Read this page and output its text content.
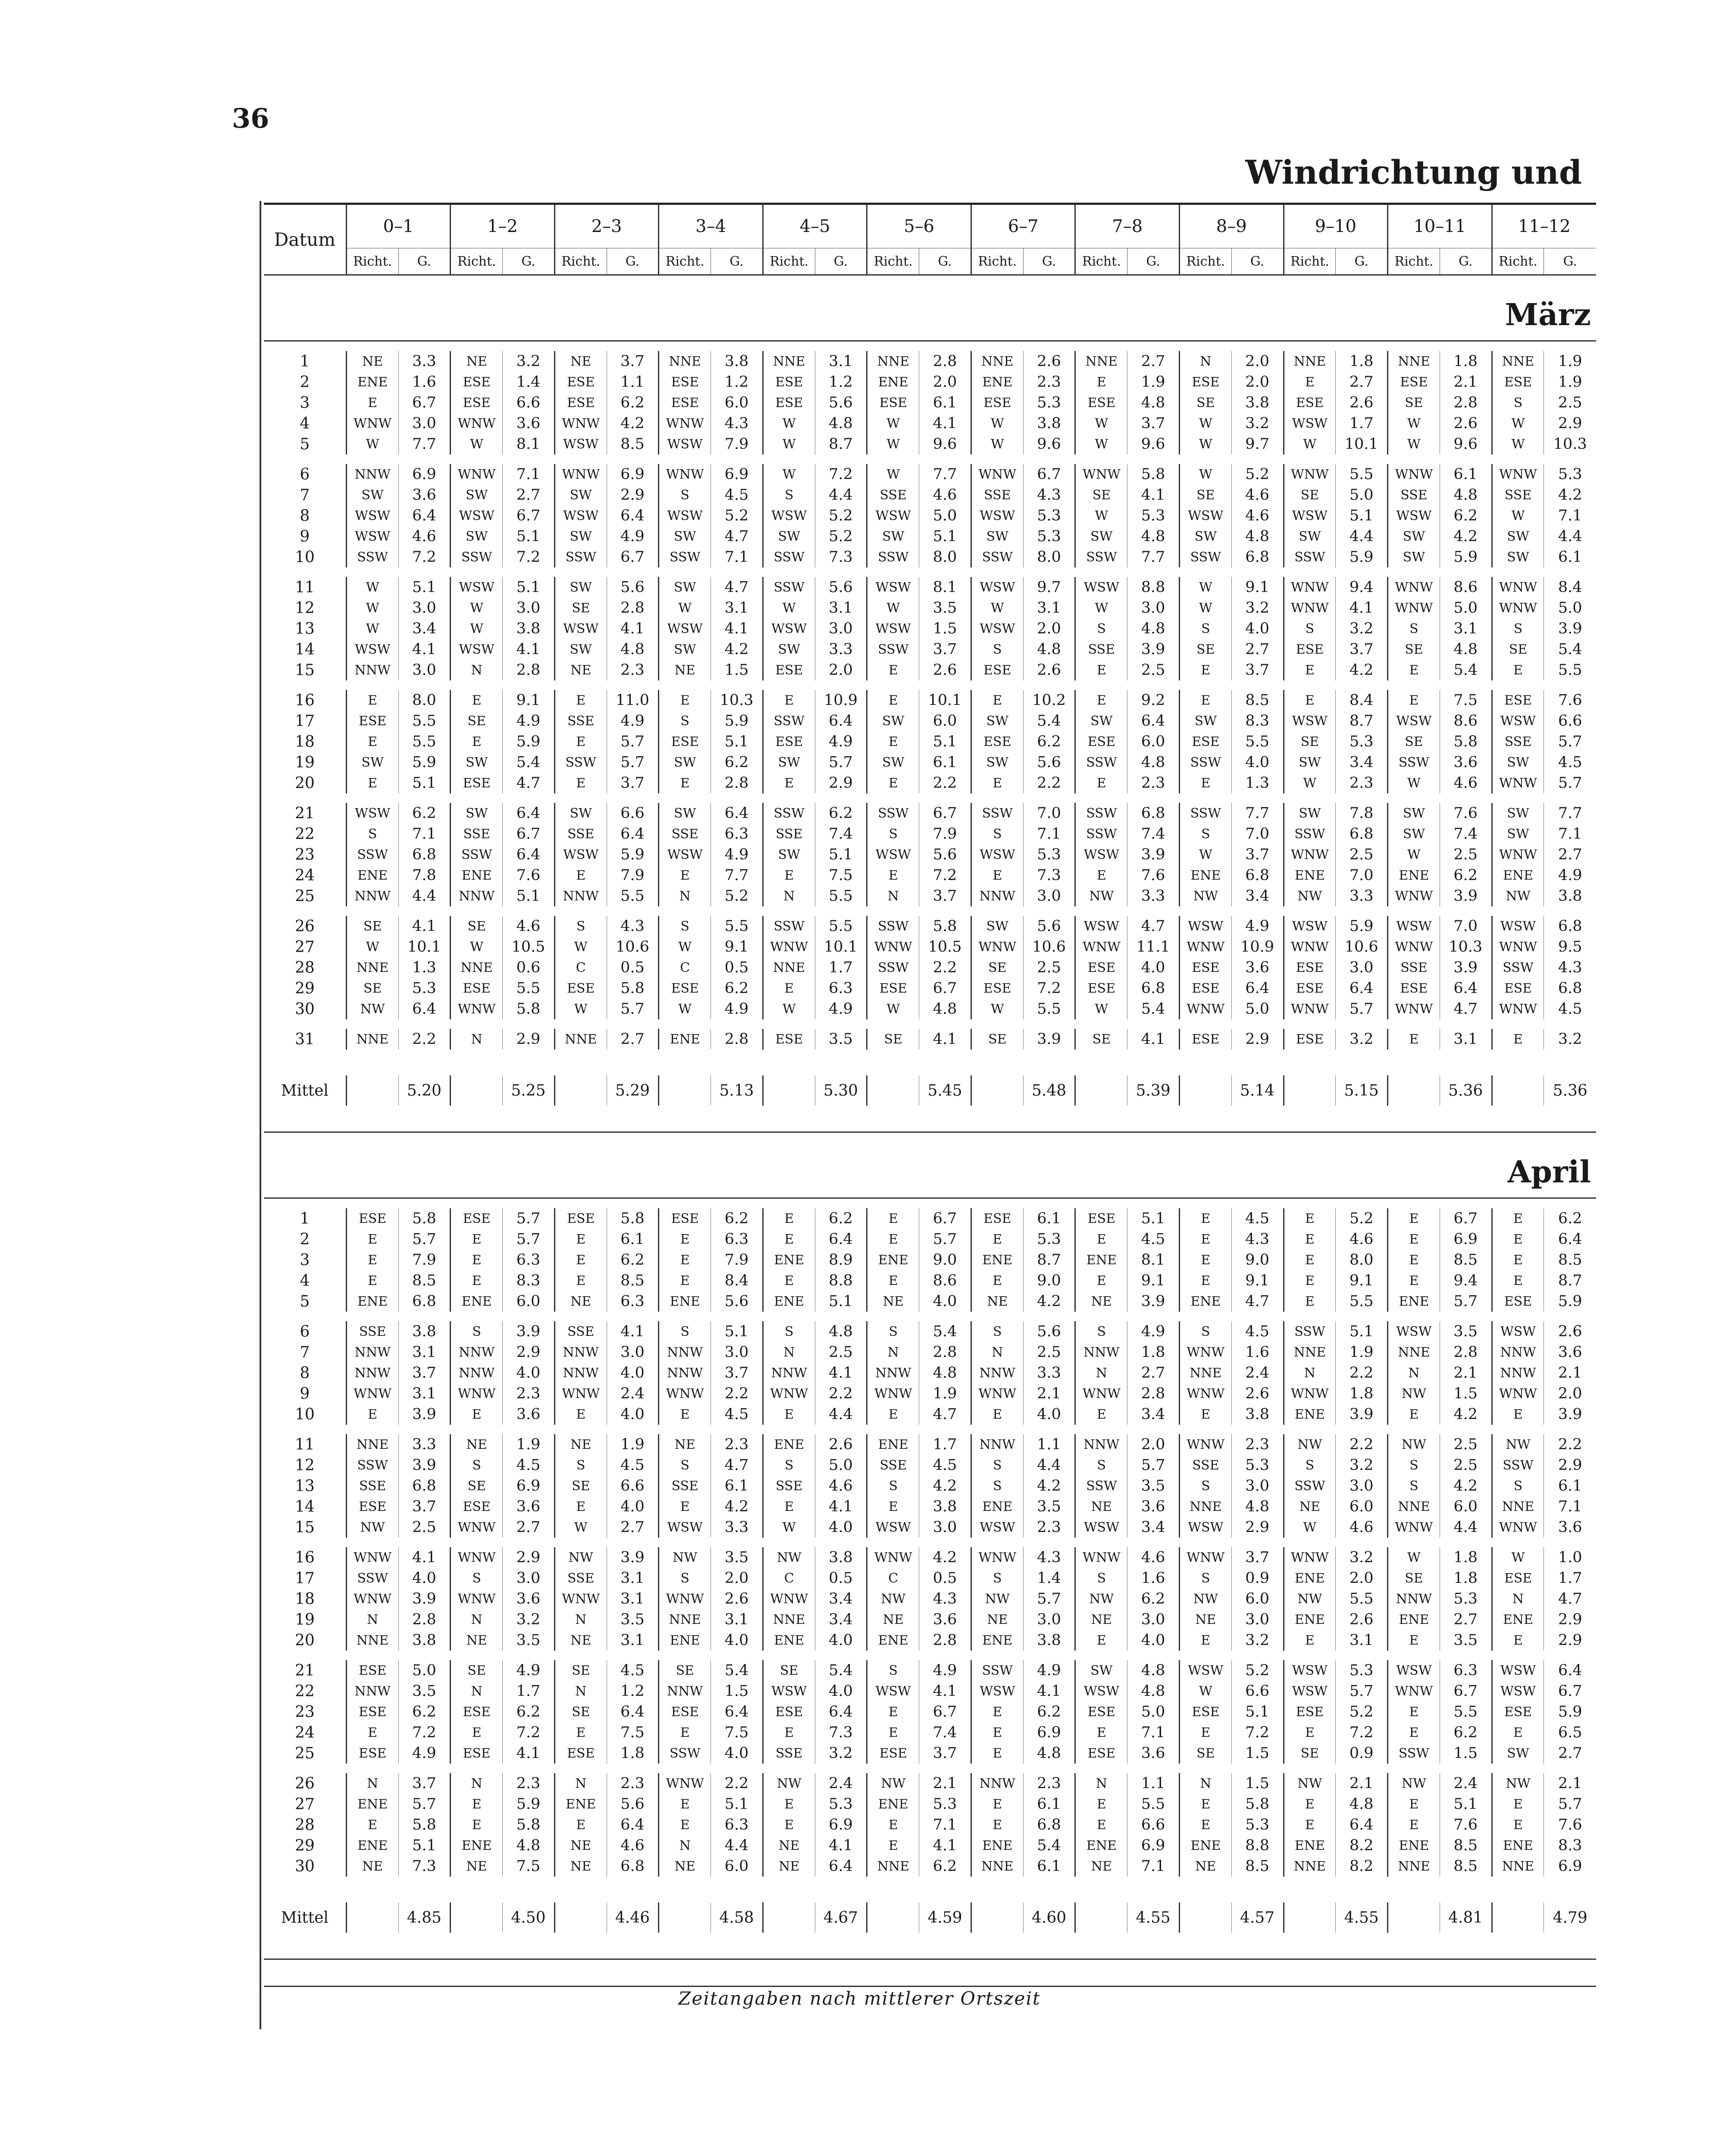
36
Windrichtung und
Datum	0–1		1–2		2–3		3–4		4–5		5–6		6–7		7–8		8–9		9–10		10–11		11–12	
	Richt.	G.	Richt.	G.	Richt.	G.	Richt.	G.	Richt.	G.	Richt.	G.	Richt.	G.	Richt.	G.	Richt.	G.	Richt.	G.	Richt.	G.	Richt.	G.

März																								

1	NE	3.3	NE	3.2	NE	3.7	NNE	3.8	NNE	3.1	NNE	2.8	NNE	2.6	NNE	2.7	N	2.0	NNE	1.8	NNE	1.8	NNE	1.9
2	ENE	1.6	ESE	1.4	ESE	1.1	ESE	1.2	ESE	1.2	ENE	2.0	ENE	2.3	E	1.9	ESE	2.0	E	2.7	ESE	2.1	ESE	1.9
3	E	6.7	ESE	6.6	ESE	6.2	ESE	6.0	ESE	5.6	ESE	6.1	ESE	5.3	ESE	4.8	SE	3.8	ESE	2.6	SE	2.8	S	2.5
4	WNW	3.0	WNW	3.6	WNW	4.2	WNW	4.3	W	4.8	W	4.1	W	3.8	W	3.7	W	3.2	WSW	1.7	W	2.6	W	2.9
5	W	7.7	W	8.1	WSW	8.5	WSW	7.9	W	8.7	W	9.6	W	9.6	W	9.6	W	9.7	W	10.1	W	9.6	W	10.3

6	NNW	6.9	WNW	7.1	WNW	6.9	WNW	6.9	W	7.2	W	7.7	WNW	6.7	WNW	5.8	W	5.2	WNW	5.5	WNW	6.1	WNW	5.3
7	SW	3.6	SW	2.7	SW	2.9	S	4.5	S	4.4	SSE	4.6	SSE	4.3	SE	4.1	SE	4.6	SE	5.0	SSE	4.8	SSE	4.2
8	WSW	6.4	WSW	6.7	WSW	6.4	WSW	5.2	WSW	5.2	WSW	5.0	WSW	5.3	W	5.3	WSW	4.6	WSW	5.1	WSW	6.2	W	7.1
9	WSW	4.6	SW	5.1	SW	4.9	SW	4.7	SW	5.2	SW	5.1	SW	5.3	SW	4.8	SW	4.8	SW	4.4	SW	4.2	SW	4.4
10	SSW	7.2	SSW	7.2	SSW	6.7	SSW	7.1	SSW	7.3	SSW	8.0	SSW	8.0	SSW	7.7	SSW	6.8	SSW	5.9	SW	5.9	SW	6.1

11	W	5.1	WSW	5.1	SW	5.6	SW	4.7	SSW	5.6	WSW	8.1	WSW	9.7	WSW	8.8	W	9.1	WNW	9.4	WNW	8.6	WNW	8.4
12	W	3.0	W	3.0	SE	2.8	W	3.1	W	3.1	W	3.5	W	3.1	W	3.0	W	3.2	WNW	4.1	WNW	5.0	WNW	5.0
13	W	3.4	W	3.8	WSW	4.1	WSW	4.1	WSW	3.0	WSW	1.5	WSW	2.0	S	4.8	S	4.0	S	3.2	S	3.1	S	3.9
14	WSW	4.1	WSW	4.1	SW	4.8	SW	4.2	SW	3.3	SSW	3.7	S	4.8	SSE	3.9	SE	2.7	ESE	3.7	SE	4.8	SE	5.4
15	NNW	3.0	N	2.8	NE	2.3	NE	1.5	ESE	2.0	E	2.6	ESE	2.6	E	2.5	E	3.7	E	4.2	E	5.4	E	5.5

16	E	8.0	E	9.1	E	11.0	E	10.3	E	10.9	E	10.1	E	10.2	E	9.2	E	8.5	E	8.4	E	7.5	ESE	7.6
17	ESE	5.5	SE	4.9	SSE	4.9	S	5.9	SSW	6.4	SW	6.0	SW	5.4	SW	6.4	SW	8.3	WSW	8.7	WSW	8.6	WSW	6.6
18	E	5.5	E	5.9	E	5.7	ESE	5.1	ESE	4.9	E	5.1	ESE	6.2	ESE	6.0	ESE	5.5	SE	5.3	SE	5.8	SSE	5.7
19	SW	5.9	SW	5.4	SSW	5.7	SW	6.2	SW	5.7	SW	6.1	SW	5.6	SSW	4.8	SSW	4.0	SW	3.4	SSW	3.6	SW	4.5
20	E	5.1	ESE	4.7	E	3.7	E	2.8	E	2.9	E	2.2	E	2.2	E	2.3	E	1.3	W	2.3	W	4.6	WNW	5.7

21	WSW	6.2	SW	6.4	SW	6.6	SW	6.4	SSW	6.2	SSW	6.7	SSW	7.0	SSW	6.8	SSW	7.7	SW	7.8	SW	7.6	SW	7.7
22	S	7.1	SSE	6.7	SSE	6.4	SSE	6.3	SSE	7.4	S	7.9	S	7.1	SSW	7.4	S	7.0	SSW	6.8	SW	7.4	SW	7.1
23	SSW	6.8	SSW	6.4	WSW	5.9	WSW	4.9	SW	5.1	WSW	5.6	WSW	5.3	WSW	3.9	W	3.7	WNW	2.5	W	2.5	WNW	2.7
24	ENE	7.8	ENE	7.6	E	7.9	E	7.7	E	7.5	E	7.2	E	7.3	E	7.6	ENE	6.8	ENE	7.0	ENE	6.2	ENE	4.9
25	NNW	4.4	NNW	5.1	NNW	5.5	N	5.2	N	5.5	N	3.7	NNW	3.0	NW	3.3	NW	3.4	NW	3.3	WNW	3.9	NW	3.8

26	SE	4.1	SE	4.6	S	4.3	S	5.5	SSW	5.5	SSW	5.8	SW	5.6	WSW	4.7	WSW	4.9	WSW	5.9	WSW	7.0	WSW	6.8
27	W	10.1	W	10.5	W	10.6	W	9.1	WNW	10.1	WNW	10.5	WNW	10.6	WNW	11.1	WNW	10.9	WNW	10.6	WNW	10.3	WNW	9.5
28	NNE	1.3	NNE	0.6	C	0.5	C	0.5	NNE	1.7	SSW	2.2	SE	2.5	ESE	4.0	ESE	3.6	ESE	3.0	SSE	3.9	SSW	4.3
29	SE	5.3	ESE	5.5	ESE	5.8	ESE	6.2	E	6.3	ESE	6.7	ESE	7.2	ESE	6.8	ESE	6.4	ESE	6.4	ESE	6.4	ESE	6.8
30	NW	6.4	WNW	5.8	W	5.7	W	4.9	W	4.9	W	4.8	W	5.5	W	5.4	WNW	5.0	WNW	5.7	WNW	4.7	WNW	4.5

31	NNE	2.2	N	2.9	NNE	2.7	ENE	2.8	ESE	3.5	SE	4.1	SE	3.9	SE	4.1	ESE	2.9	ESE	3.2	E	3.1	E	3.2

Mittel		5.20		5.25		5.29		5.13		5.30		5.45		5.48		5.39		5.14		5.15		5.36		5.36

April																								

1	ESE	5.8	ESE	5.7	ESE	5.8	ESE	6.2	E	6.2	E	6.7	ESE	6.1	ESE	5.1	E	4.5	E	5.2	E	6.7	E	6.2
2	E	5.7	E	5.7	E	6.1	E	6.3	E	6.4	E	5.7	E	5.3	E	4.5	E	4.3	E	4.6	E	6.9	E	6.4
3	E	7.9	E	6.3	E	6.2	E	7.9	ENE	8.9	ENE	9.0	ENE	8.7	ENE	8.1	E	9.0	E	8.0	E	8.5	E	8.5
4	E	8.5	E	8.3	E	8.5	E	8.4	E	8.8	E	8.6	E	9.0	E	9.1	E	9.1	E	9.1	E	9.4	E	8.7
5	ENE	6.8	ENE	6.0	NE	6.3	ENE	5.6	ENE	5.1	NE	4.0	NE	4.2	NE	3.9	ENE	4.7	E	5.5	ENE	5.7	ESE	5.9

6	SSE	3.8	S	3.9	SSE	4.1	S	5.1	S	4.8	S	5.4	S	5.6	S	4.9	S	4.5	SSW	5.1	WSW	3.5	WSW	2.6
7	NNW	3.1	NNW	2.9	NNW	3.0	NNW	3.0	N	2.5	N	2.8	N	2.5	NNW	1.8	WNW	1.6	NNE	1.9	NNE	2.8	NNW	3.6
8	NNW	3.7	NNW	4.0	NNW	4.0	NNW	3.7	NNW	4.1	NNW	4.8	NNW	3.3	N	2.7	NNE	2.4	N	2.2	N	2.1	NNW	2.1
9	WNW	3.1	WNW	2.3	WNW	2.4	WNW	2.2	WNW	2.2	WNW	1.9	WNW	2.1	WNW	2.8	WNW	2.6	WNW	1.8	NW	1.5	WNW	2.0
10	E	3.9	E	3.6	E	4.0	E	4.5	E	4.4	E	4.7	E	4.0	E	3.4	E	3.8	ENE	3.9	E	4.2	E	3.9

11	NNE	3.3	NE	1.9	NE	1.9	NE	2.3	ENE	2.6	ENE	1.7	NNW	1.1	NNW	2.0	WNW	2.3	NW	2.2	NW	2.5	NW	2.2
12	SSW	3.9	S	4.5	S	4.5	S	4.7	S	5.0	SSE	4.5	S	4.4	S	5.7	SSE	5.3	S	3.2	S	2.5	SSW	2.9
13	SSE	6.8	SE	6.9	SE	6.6	SSE	6.1	SSE	4.6	S	4.2	S	4.2	SSW	3.5	S	3.0	SSW	3.0	S	4.2	S	6.1
14	ESE	3.7	ESE	3.6	E	4.0	E	4.2	E	4.1	E	3.8	ENE	3.5	NE	3.6	NNE	4.8	NE	6.0	NNE	6.0	NNE	7.1
15	NW	2.5	WNW	2.7	W	2.7	WSW	3.3	W	4.0	WSW	3.0	WSW	2.3	WSW	3.4	WSW	2.9	W	4.6	WNW	4.4	WNW	3.6

16	WNW	4.1	WNW	2.9	NW	3.9	NW	3.5	NW	3.8	WNW	4.2	WNW	4.3	WNW	4.6	WNW	3.7	WNW	3.2	W	1.8	W	1.0
17	SSW	4.0	S	3.0	SSE	3.1	S	2.0	C	0.5	C	0.5	S	1.4	S	1.6	S	0.9	ENE	2.0	SE	1.8	ESE	1.7
18	WNW	3.9	WNW	3.6	WNW	3.1	WNW	2.6	WNW	3.4	NW	4.3	NW	5.7	NW	6.2	NW	6.0	NW	5.5	NNW	5.3	N	4.7
19	N	2.8	N	3.2	N	3.5	NNE	3.1	NNE	3.4	NE	3.6	NE	3.0	NE	3.0	NE	3.0	ENE	2.6	ENE	2.7	ENE	2.9
20	NNE	3.8	NE	3.5	NE	3.1	ENE	4.0	ENE	4.0	ENE	2.8	ENE	3.8	E	4.0	E	3.2	E	3.1	E	3.5	E	2.9

21	ESE	5.0	SE	4.9	SE	4.5	SE	5.4	SE	5.4	S	4.9	SSW	4.9	SW	4.8	WSW	5.2	WSW	5.3	WSW	6.3	WSW	6.4
22	NNW	3.5	N	1.7	N	1.2	NNW	1.5	WSW	4.0	WSW	4.1	WSW	4.1	WSW	4.8	W	6.6	WSW	5.7	WNW	6.7	WSW	6.7
23	ESE	6.2	ESE	6.2	SE	6.4	ESE	6.4	ESE	6.4	E	6.7	E	6.2	ESE	5.0	ESE	5.1	ESE	5.2	E	5.5	ESE	5.9
24	E	7.2	E	7.2	E	7.5	E	7.5	E	7.3	E	7.4	E	6.9	E	7.1	E	7.2	E	7.2	E	6.2	E	6.5
25	ESE	4.9	ESE	4.1	ESE	1.8	SSW	4.0	SSE	3.2	ESE	3.7	E	4.8	ESE	3.6	SE	1.5	SE	0.9	SSW	1.5	SW	2.7

26	N	3.7	N	2.3	N	2.3	WNW	2.2	NW	2.4	NW	2.1	NNW	2.3	N	1.1	N	1.5	NW	2.1	NW	2.4	NW	2.1
27	ENE	5.7	E	5.9	ENE	5.6	E	5.1	E	5.3	ENE	5.3	E	6.1	E	5.5	E	5.8	E	4.8	E	5.1	E	5.7
28	E	5.8	E	5.8	E	6.4	E	6.3	E	6.9	E	7.1	E	6.8	E	6.6	E	5.3	E	6.4	E	7.6	E	7.6
29	ENE	5.1	ENE	4.8	NE	4.6	N	4.4	NE	4.1	E	4.1	ENE	5.4	ENE	6.9	ENE	8.8	ENE	8.2	ENE	8.5	ENE	8.3
30	NE	7.3	NE	7.5	NE	6.8	NE	6.0	NE	6.4	NNE	6.2	NNE	6.1	NE	7.1	NE	8.5	NNE	8.2	NNE	8.5	NNE	6.9

Mittel		4.85		4.50		4.46		4.58		4.67		4.59		4.60		4.55		4.57		4.55		4.81		4.79

Zeitangaben nach mittlerer Ortszeit
